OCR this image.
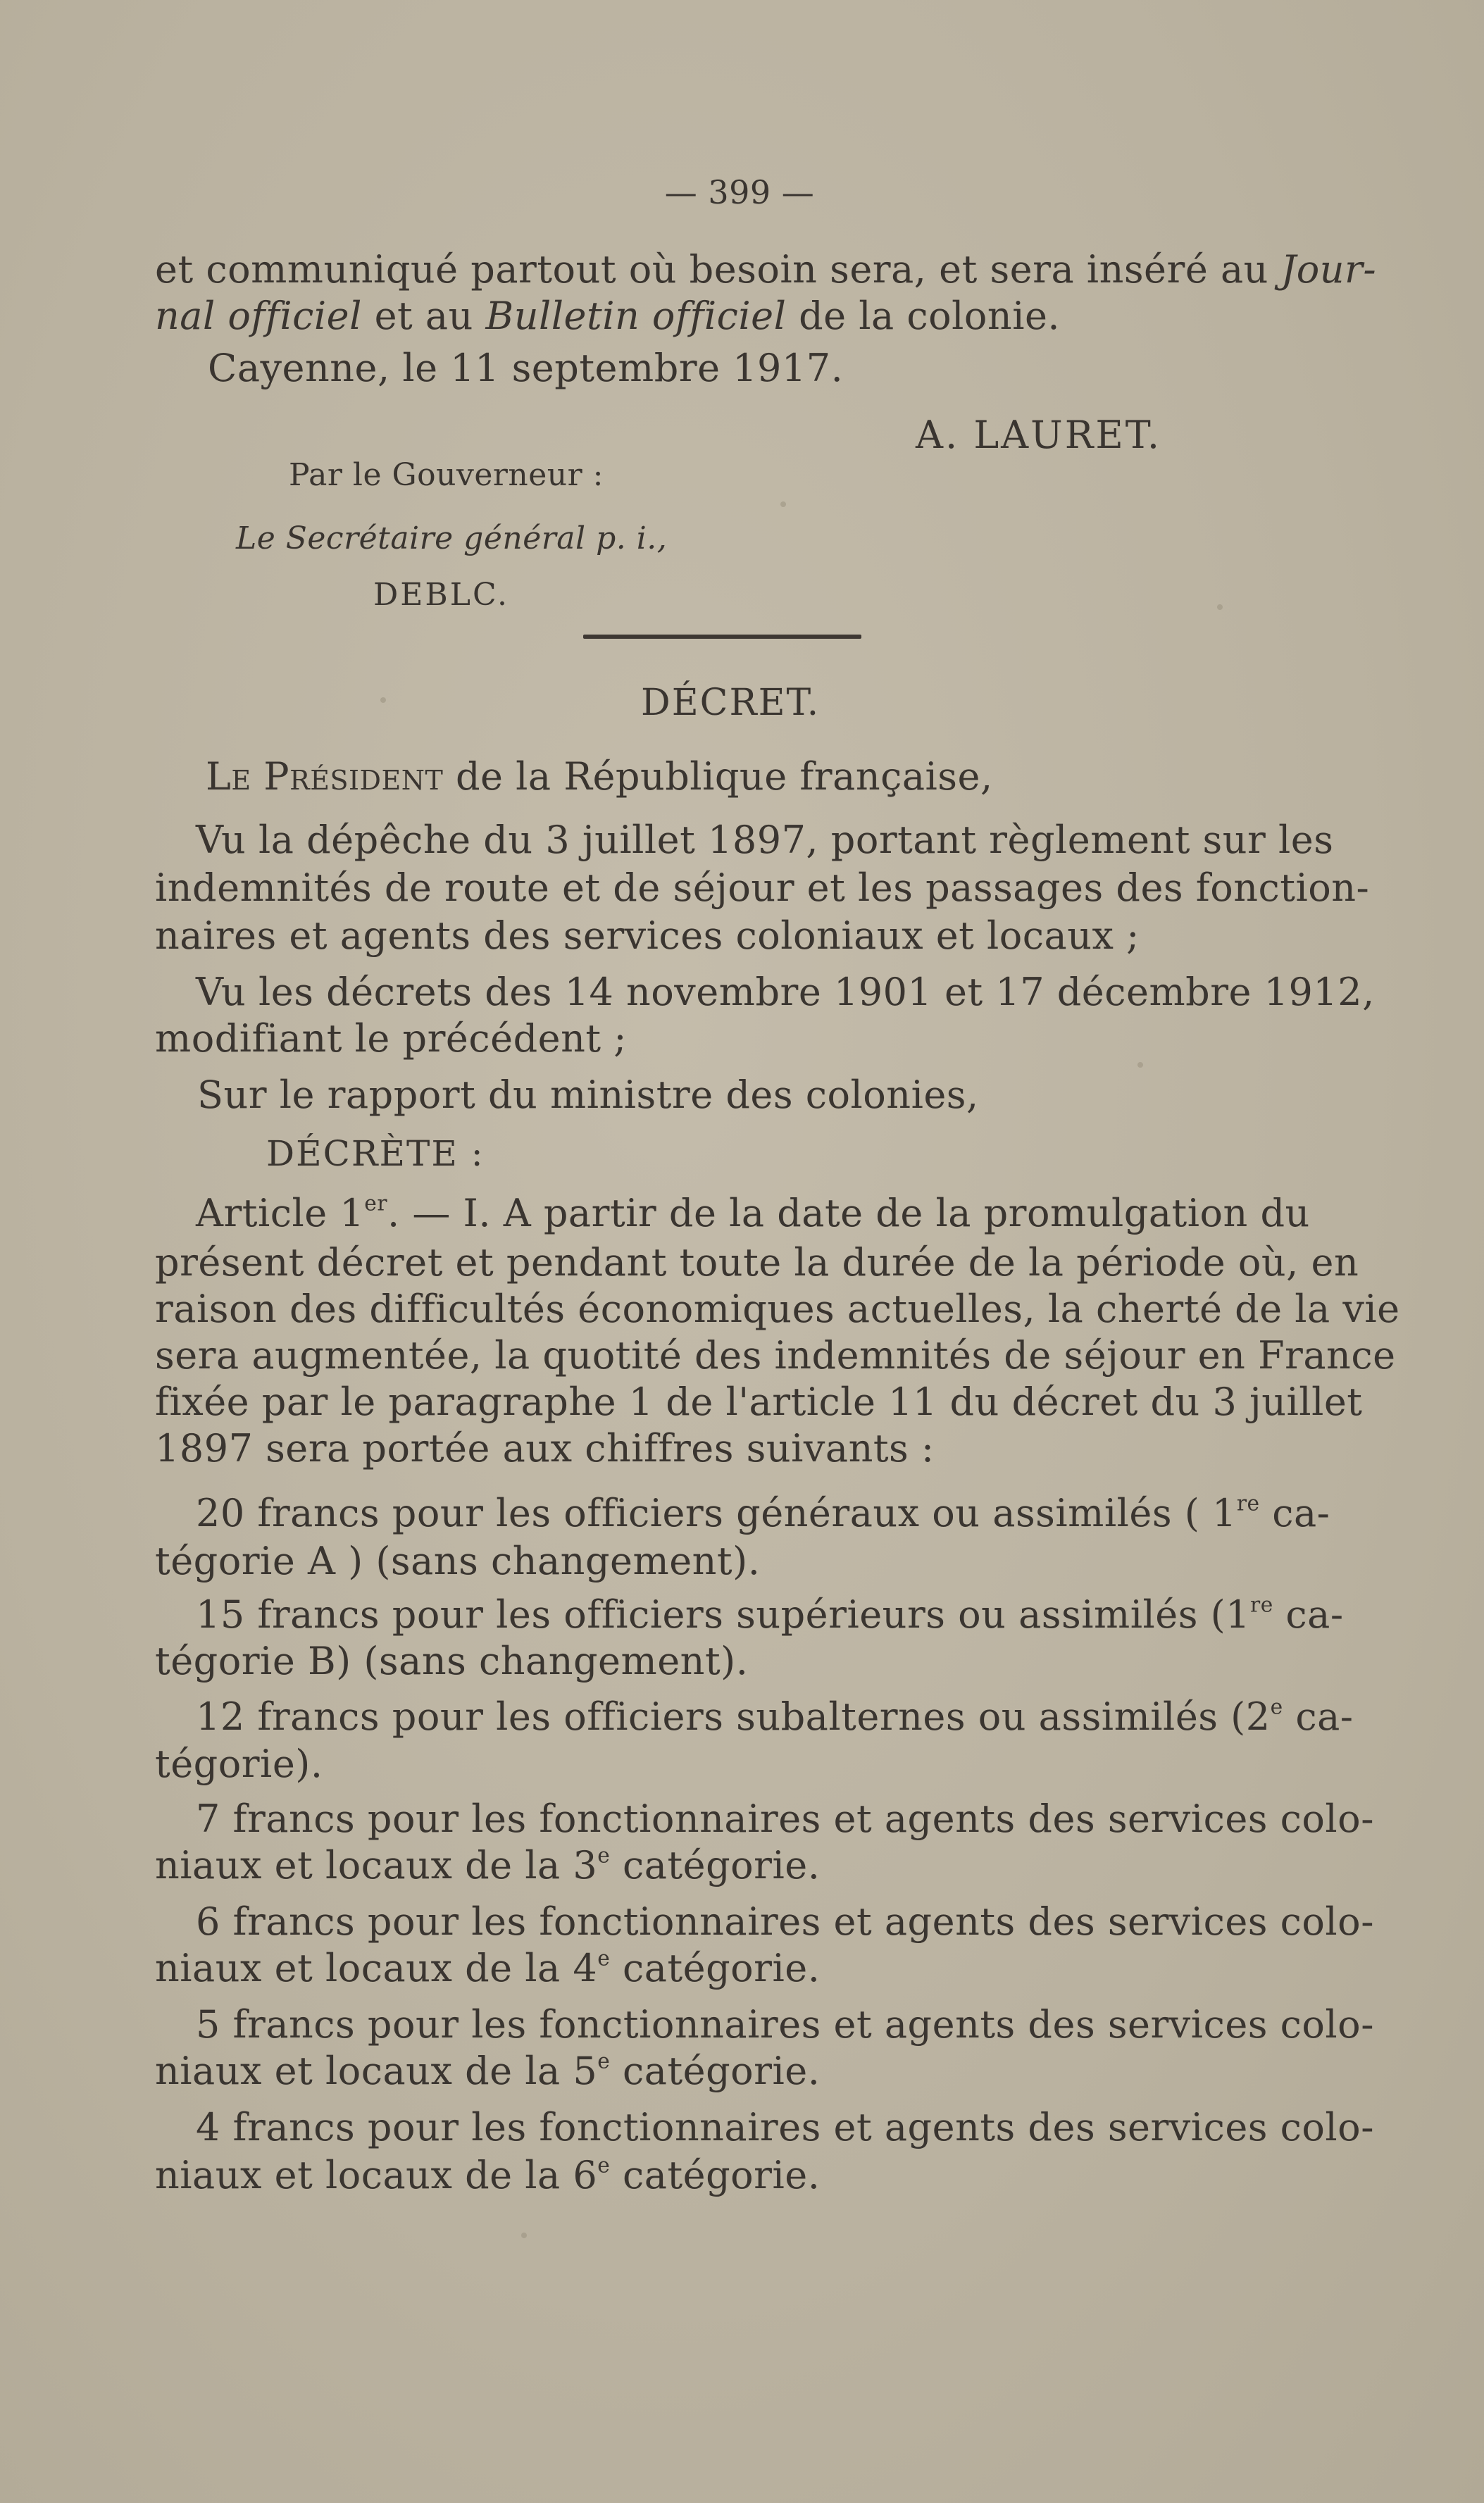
— 399 —
et communiqué partout où besoin sera, et sera inséré au Jour-
nal officiel et au Bulletin officiel de la colonie.
Cayenne, le 11 septembre 1917.
A. LAURET.
Par le Gouverneur :
Le Secrétaire général p. i.,
DEBLC.
DÉCRET.
Le Président de la République française,
Vu la dépêche du 3 juillet 1897, portant règlement sur les
indemnités de route et de séjour et les passages des fonction-
naires et agents des services coloniaux et locaux ;
Vu les décrets des 14 novembre 1901 et 17 décembre 1912,
modifiant le précédent ;
Sur le rapport du ministre des colonies,
DÉCRÈTE :
Article 1er. — I. A partir de la date de la promulgation du
présent décret et pendant toute la durée de la période où, en
raison des difficultés économiques actuelles, la cherté de la vie
sera augmentée, la quotité des indemnités de séjour en France
fixée par le paragraphe 1 de l'article 11 du décret du 3 juillet
1897 sera portée aux chiffres suivants :
20 francs pour les officiers généraux ou assimilés ( 1re ca-
tégorie A ) (sans changement).
15 francs pour les officiers supérieurs ou assimilés (1re ca-
tégorie B) (sans changement).
12 francs pour les officiers subalternes ou assimilés (2e ca-
tégorie).
7 francs pour les fonctionnaires et agents des services colo-
niaux et locaux de la 3e catégorie.
6 francs pour les fonctionnaires et agents des services colo-
niaux et locaux de la 4e catégorie.
5 francs pour les fonctionnaires et agents des services colo-
niaux et locaux de la 5e catégorie.
4 francs pour les fonctionnaires et agents des services colo-
niaux et locaux de la 6e catégorie.
